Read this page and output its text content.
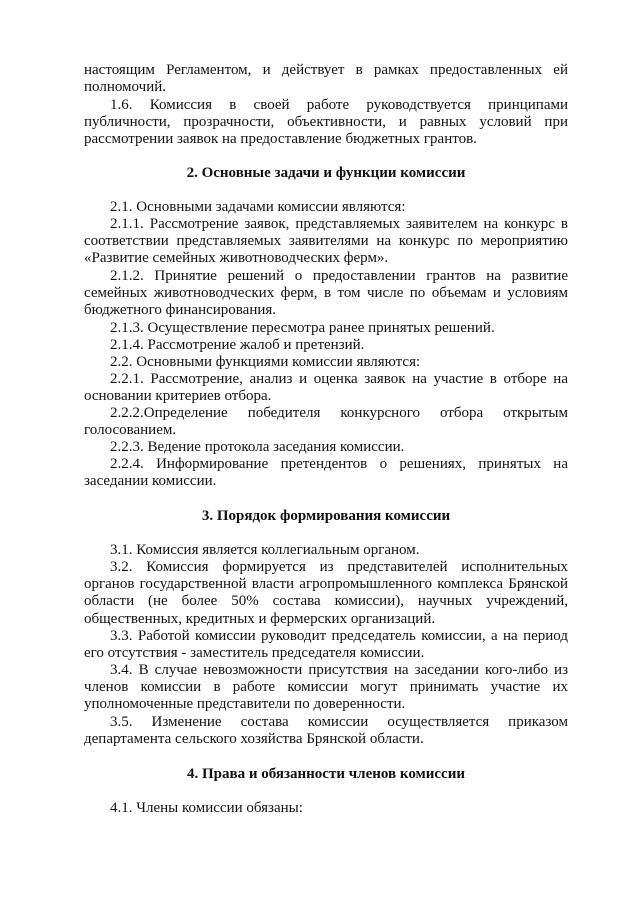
настоящим Регламентом, и действует в рамках предоставленных ей полномочий.

1.6. Комиссия в своей работе руководствуется принципами публичности, прозрачности, объективности, и равных условий при рассмотрении заявок на предоставление бюджетных грантов.

2. Основные задачи и функции комиссии

2.1. Основными задачами комиссии являются:

2.1.1. Рассмотрение заявок, представляемых заявителем на конкурс в соответствии представляемых заявителями на конкурс по мероприятию «Развитие семейных животноводческих ферм».

2.1.2. Принятие решений о предоставлении грантов на развитие семейных животноводческих ферм, в том числе по объемам и условиям бюджетного финансирования.

2.1.3. Осуществление пересмотра ранее принятых решений.

2.1.4. Рассмотрение жалоб и претензий.

2.2. Основными функциями комиссии являются:

2.2.1. Рассмотрение, анализ и оценка заявок на участие в отборе на основании критериев отбора.

2.2.2.Определение победителя конкурсного отбора открытым голосованием.

2.2.3. Ведение протокола заседания комиссии.

2.2.4. Информирование претендентов о решениях, принятых на заседании комиссии.

3. Порядок формирования комиссии

3.1. Комиссия является коллегиальным органом.

3.2. Комиссия формируется из представителей исполнительных органов государственной власти агропромышленного комплекса Брянской области (не более 50% состава комиссии), научных учреждений, общественных, кредитных и фермерских организаций.

3.3. Работой комиссии руководит председатель комиссии, а на период его отсутствия - заместитель председателя комиссии.

3.4. В случае невозможности присутствия на заседании кого-либо из членов комиссии в работе комиссии могут принимать участие их уполномоченные представители по доверенности.

3.5. Изменение состава комиссии осуществляется приказом департамента сельского хозяйства Брянской области.

4. Права и обязанности членов комиссии

4.1. Члены комиссии обязаны:
